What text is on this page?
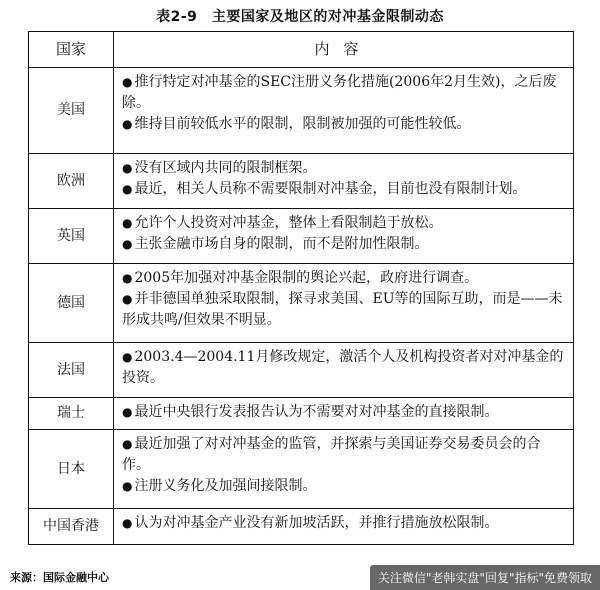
表2-9　主要国家及地区的对冲基金限制动态
国家	内容
美国	● 推行特定对冲基金的SEC注册义务化措施(2006年2月生效)，之后废除。
● 维持目前较低水平的限制，限制被加强的可能性较低。

欧洲	● 没有区域内共同的限制框架。
● 最近，相关人员称不需要限制对冲基金，目前也没有限制计划。

英国	● 允许个人投资对冲基金，整体上看限制趋于放松。
● 主张金融市场自身的限制，而不是附加性限制。

德国	● 2005年加强对冲基金限制的舆论兴起，政府进行调查。
● 并非德国单独采取限制，探寻求美国、EU等的国际互助，而是——未形成共鸣/但效果不明显。

法国	● 2003.4—2004.11月修改规定，激活个人及机构投资者对对冲基金的投资。

瑞士	● 最近中央银行发表报告认为不需要对对冲基金的直接限制。

日本	● 最近加强了对对冲基金的监管，并探索与美国证券交易委员会的合作。
● 注册义务化及加强间接限制。

中国香港	● 认为对冲基金产业没有新加坡活跃，并推行措施放松限制。
来源：国际金融中心	关注微信"老韩实盘"回复"指标"免费领取
